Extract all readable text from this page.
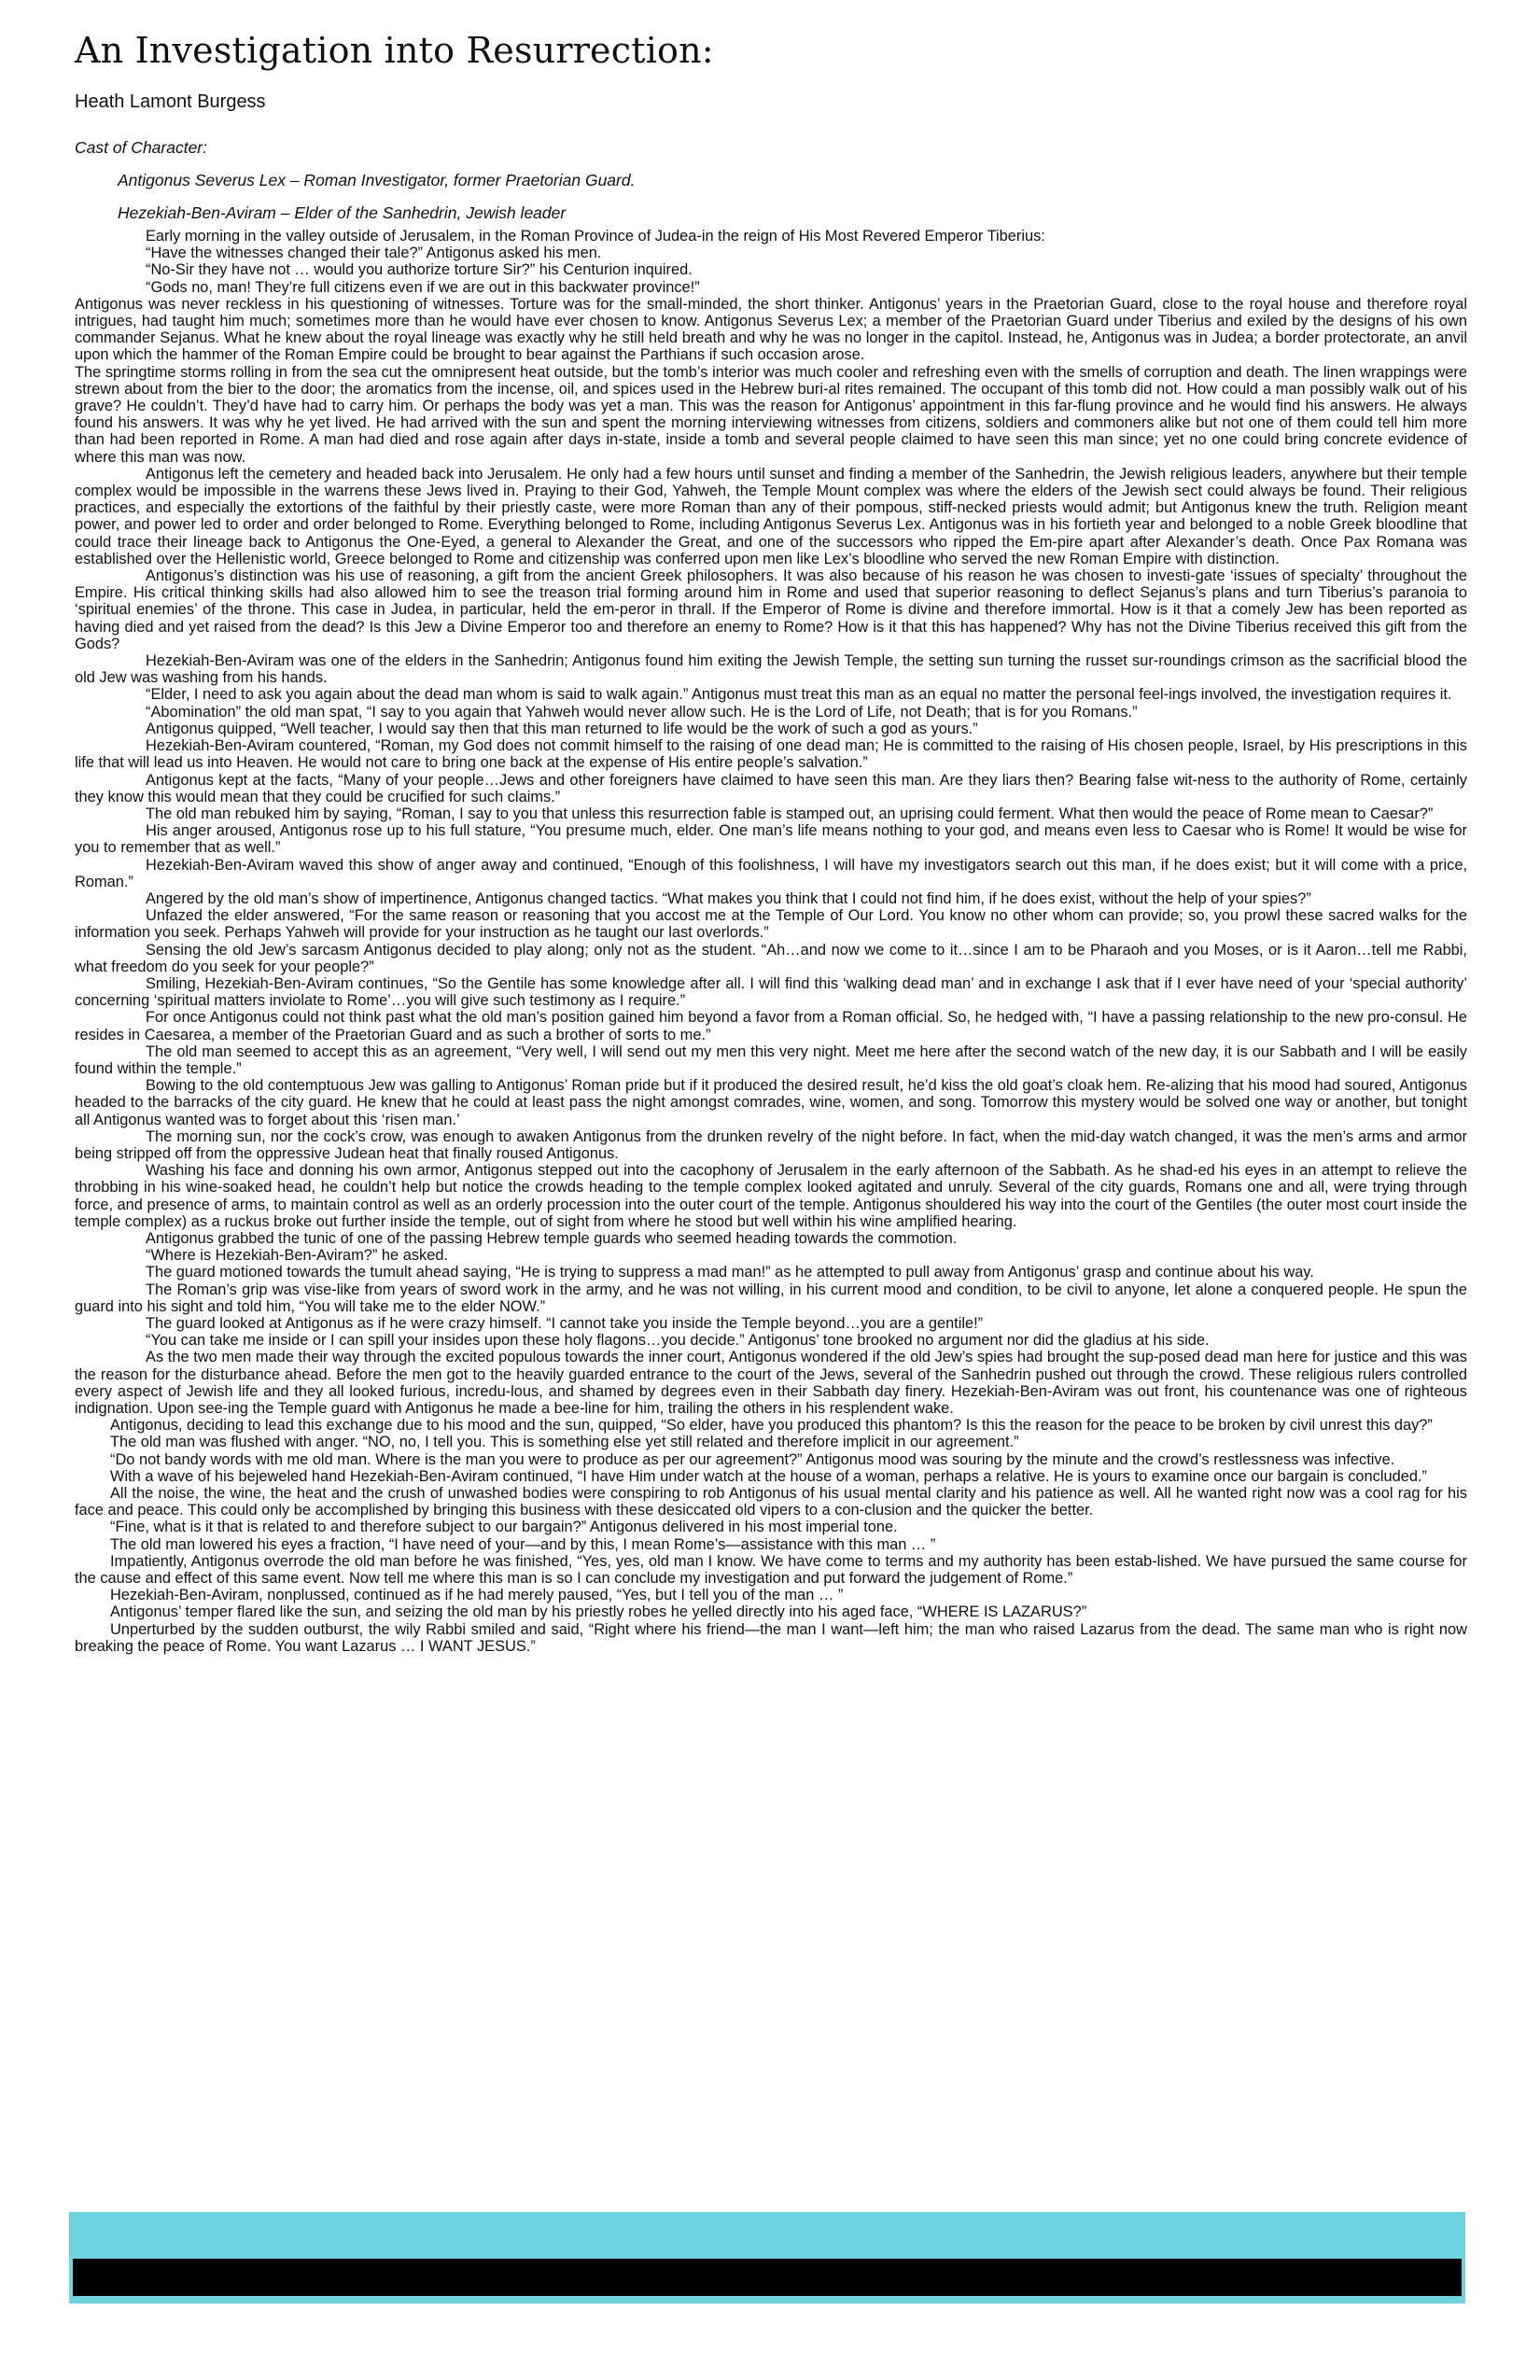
An Investigation into Resurrection:
Heath Lamont Burgess
Cast of Character:
Antigonus Severus Lex – Roman Investigator, former Praetorian Guard.
Hezekiah-Ben-Aviram – Elder of the Sanhedrin, Jewish leader

Early morning in the valley outside of Jerusalem, in the Roman Province of Judea-in the reign of His Most Revered Emperor Tiberius:

“Have the witnesses changed their tale?” Antigonus asked his men.

“No-Sir they have not … would you authorize torture Sir?” his Centurion inquired.

“Gods no, man! They’re full citizens even if we are out in this backwater province!”

Antigonus was never reckless in his questioning of witnesses. Torture was for the small-minded, the short thinker. Antigonus’ years in the Praetorian Guard, close to the royal house and therefore royal intrigues, had taught him much; sometimes more than he would have ever chosen to know. Antigonus Severus Lex; a member of the Praetorian Guard under Tiberius and exiled by the designs of his own commander Sejanus. What he knew about the royal lineage was exactly why he still held breath and why he was no longer in the capitol. Instead, he, Antigonus was in Judea; a border protectorate, an anvil upon which the hammer of the Roman Empire could be brought to bear against the Parthians if such occasion arose.

The springtime storms rolling in from the sea cut the omnipresent heat outside, but the tomb’s interior was much cooler and refreshing even with the smells of corruption and death. The linen wrappings were strewn about from the bier to the door; the aromatics from the incense, oil, and spices used in the Hebrew buri-al rites remained. The occupant of this tomb did not. How could a man possibly walk out of his grave? He couldn’t. They’d have had to carry him. Or perhaps the body was yet a man. This was the reason for Antigonus’ appointment in this far-flung province and he would find his answers. He always found his answers. It was why he yet lived. He had arrived with the sun and spent the morning interviewing witnesses from citizens, soldiers and commoners alike but not one of them could tell him more than had been reported in Rome. A man had died and rose again after days in-state, inside a tomb and several people claimed to have seen this man since; yet no one could bring concrete evidence of where this man was now.

Antigonus left the cemetery and headed back into Jerusalem. He only had a few hours until sunset and finding a member of the Sanhedrin, the Jewish religious leaders, anywhere but their temple complex would be impossible in the warrens these Jews lived in. Praying to their God, Yahweh, the Temple Mount complex was where the elders of the Jewish sect could always be found. Their religious practices, and especially the extortions of the faithful by their priestly caste, were more Roman than any of their pompous, stiff-necked priests would admit; but Antigonus knew the truth. Religion meant power, and power led to order and order belonged to Rome. Everything belonged to Rome, including Antigonus Severus Lex. Antigonus was in his fortieth year and belonged to a noble Greek bloodline that could trace their lineage back to Antigonus the One-Eyed, a general to Alexander the Great, and one of the successors who ripped the Em-pire apart after Alexander’s death. Once Pax Romana was established over the Hellenistic world, Greece belonged to Rome and citizenship was conferred upon men like Lex’s bloodline who served the new Roman Empire with distinction.

Antigonus’s distinction was his use of reasoning, a gift from the ancient Greek philosophers. It was also because of his reason he was chosen to investi-gate ‘issues of specialty’ throughout the Empire. His critical thinking skills had also allowed him to see the treason trial forming around him in Rome and used that superior reasoning to deflect Sejanus’s plans and turn Tiberius’s paranoia to ‘spiritual enemies’ of the throne. This case in Judea, in particular, held the em-peror in thrall. If the Emperor of Rome is divine and therefore immortal. How is it that a comely Jew has been reported as having died and yet raised from the dead? Is this Jew a Divine Emperor too and therefore an enemy to Rome? How is it that this has happened? Why has not the Divine Tiberius received this gift from the Gods?

Hezekiah-Ben-Aviram was one of the elders in the Sanhedrin; Antigonus found him exiting the Jewish Temple, the setting sun turning the russet sur-roundings crimson as the sacrificial blood the old Jew was washing from his hands.

“Elder, I need to ask you again about the dead man whom is said to walk again.” Antigonus must treat this man as an equal no matter the personal feel-ings involved, the investigation requires it.

“Abomination” the old man spat, “I say to you again that Yahweh would never allow such. He is the Lord of Life, not Death; that is for you Romans.”

Antigonus quipped, “Well teacher, I would say then that this man returned to life would be the work of such a god as yours.”

Hezekiah-Ben-Aviram countered, “Roman, my God does not commit himself to the raising of one dead man; He is committed to the raising of His chosen people, Israel, by His prescriptions in this life that will lead us into Heaven. He would not care to bring one back at the expense of His entire people’s salvation.”

Antigonus kept at the facts, “Many of your people…Jews and other foreigners have claimed to have seen this man. Are they liars then? Bearing false wit-ness to the authority of Rome, certainly they know this would mean that they could be crucified for such claims.”

The old man rebuked him by saying, “Roman, I say to you that unless this resurrection fable is stamped out, an uprising could ferment. What then would the peace of Rome mean to Caesar?”

His anger aroused, Antigonus rose up to his full stature, “You presume much, elder. One man’s life means nothing to your god, and means even less to Caesar who is Rome! It would be wise for you to remember that as well.”

Hezekiah-Ben-Aviram waved this show of anger away and continued, “Enough of this foolishness, I will have my investigators search out this man, if he does exist; but it will come with a price, Roman.”

Angered by the old man’s show of impertinence, Antigonus changed tactics. “What makes you think that I could not find him, if he does exist, without the help of your spies?”

Unfazed the elder answered, “For the same reason or reasoning that you accost me at the Temple of Our Lord. You know no other whom can provide; so, you prowl these sacred walks for the information you seek. Perhaps Yahweh will provide for your instruction as he taught our last overlords.”

Sensing the old Jew’s sarcasm Antigonus decided to play along; only not as the student. “Ah…and now we come to it…since I am to be Pharaoh and you Moses, or is it Aaron…tell me Rabbi, what freedom do you seek for your people?”

Smiling, Hezekiah-Ben-Aviram continues, “So the Gentile has some knowledge after all. I will find this ‘walking dead man’ and in exchange I ask that if I ever have need of your ‘special authority’ concerning ‘spiritual matters inviolate to Rome’…you will give such testimony as I require.”

For once Antigonus could not think past what the old man’s position gained him beyond a favor from a Roman official. So, he hedged with, “I have a passing relationship to the new pro-consul. He resides in Caesarea, a member of the Praetorian Guard and as such a brother of sorts to me.”

The old man seemed to accept this as an agreement, “Very well, I will send out my men this very night. Meet me here after the second watch of the new day, it is our Sabbath and I will be easily found within the temple.”

Bowing to the old contemptuous Jew was galling to Antigonus’ Roman pride but if it produced the desired result, he’d kiss the old goat’s cloak hem. Re-alizing that his mood had soured, Antigonus headed to the barracks of the city guard. He knew that he could at least pass the night amongst comrades, wine, women, and song. Tomorrow this mystery would be solved one way or another, but tonight all Antigonus wanted was to forget about this ‘risen man.’

The morning sun, nor the cock’s crow, was enough to awaken Antigonus from the drunken revelry of the night before. In fact, when the mid-day watch changed, it was the men’s arms and armor being stripped off from the oppressive Judean heat that finally roused Antigonus.

Washing his face and donning his own armor, Antigonus stepped out into the cacophony of Jerusalem in the early afternoon of the Sabbath. As he shad-ed his eyes in an attempt to relieve the throbbing in his wine-soaked head, he couldn’t help but notice the crowds heading to the temple complex looked agitated and unruly. Several of the city guards, Romans one and all, were trying through force, and presence of arms, to maintain control as well as an orderly procession into the outer court of the temple. Antigonus shouldered his way into the court of the Gentiles (the outer most court inside the temple complex) as a ruckus broke out further inside the temple, out of sight from where he stood but well within his wine amplified hearing.

Antigonus grabbed the tunic of one of the passing Hebrew temple guards who seemed heading towards the commotion.

“Where is Hezekiah-Ben-Aviram?” he asked.

The guard motioned towards the tumult ahead saying, “He is trying to suppress a mad man!” as he attempted to pull away from Antigonus’ grasp and continue about his way.

The Roman’s grip was vise-like from years of sword work in the army, and he was not willing, in his current mood and condition, to be civil to anyone, let alone a conquered people. He spun the guard into his sight and told him, “You will take me to the elder NOW.”

The guard looked at Antigonus as if he were crazy himself. “I cannot take you inside the Temple beyond…you are a gentile!”

“You can take me inside or I can spill your insides upon these holy flagons…you decide.” Antigonus’ tone brooked no argument nor did the gladius at his side.

As the two men made their way through the excited populous towards the inner court, Antigonus wondered if the old Jew’s spies had brought the sup-posed dead man here for justice and this was the reason for the disturbance ahead. Before the men got to the heavily guarded entrance to the court of the Jews, several of the Sanhedrin pushed out through the crowd. These religious rulers controlled every aspect of Jewish life and they all looked furious, incredu-lous, and shamed by degrees even in their Sabbath day finery. Hezekiah-Ben-Aviram was out front, his countenance was one of righteous indignation. Upon see-ing the Temple guard with Antigonus he made a bee-line for him, trailing the others in his resplendent wake.

Antigonus, deciding to lead this exchange due to his mood and the sun, quipped, “So elder, have you produced this phantom? Is this the reason for the peace to be broken by civil unrest this day?”

The old man was flushed with anger. “NO, no, I tell you. This is something else yet still related and therefore implicit in our agreement.”

“Do not bandy words with me old man. Where is the man you were to produce as per our agreement?” Antigonus mood was souring by the minute and the crowd’s restlessness was infective.

With a wave of his bejeweled hand Hezekiah-Ben-Aviram continued, “I have Him under watch at the house of a woman, perhaps a relative. He is yours to examine once our bargain is concluded.”

All the noise, the wine, the heat and the crush of unwashed bodies were conspiring to rob Antigonus of his usual mental clarity and his patience as well. All he wanted right now was a cool rag for his face and peace. This could only be accomplished by bringing this business with these desiccated old vipers to a con-clusion and the quicker the better.

“Fine, what is it that is related to and therefore subject to our bargain?” Antigonus delivered in his most imperial tone.

The old man lowered his eyes a fraction, “I have need of your—and by this, I mean Rome’s—assistance with this man … ”

Impatiently, Antigonus overrode the old man before he was finished, “Yes, yes, old man I know. We have come to terms and my authority has been estab-lished. We have pursued the same course for the cause and effect of this same event. Now tell me where this man is so I can conclude my investigation and put forward the judgement of Rome.”

Hezekiah-Ben-Aviram, nonplussed, continued as if he had merely paused, “Yes, but I tell you of the man … ”

Antigonus’ temper flared like the sun, and seizing the old man by his priestly robes he yelled directly into his aged face, “WHERE IS LAZARUS?”

Unperturbed by the sudden outburst, the wily Rabbi smiled and said, “Right where his friend—the man I want—left him; the man who raised Lazarus from the dead. The same man who is right now breaking the peace of Rome. You want Lazarus … I WANT JESUS.”
